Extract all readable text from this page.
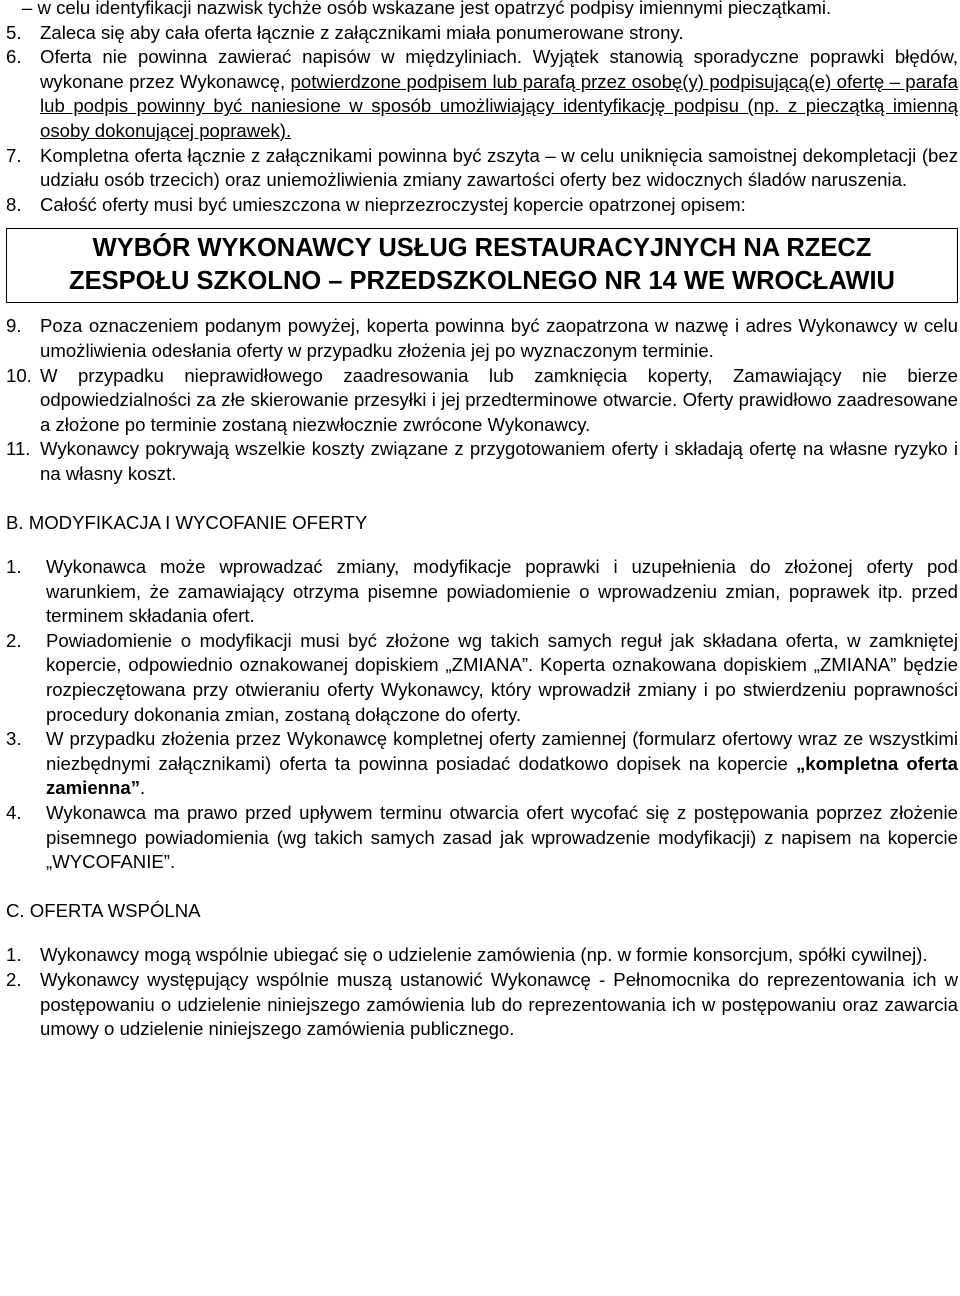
– w celu identyfikacji nazwisk tychże osób wskazane jest opatrzyć podpisy imiennymi pieczątkami.
5. Zaleca się aby cała oferta łącznie z załącznikami miała ponumerowane strony.
6. Oferta nie powinna zawierać napisów w międzyliniach. Wyjątek stanowią sporadyczne poprawki błędów, wykonane przez Wykonawcę, potwierdzone podpisem lub parafą przez osobę(y) podpisującą(e) ofertę – parafa lub podpis powinny być naniesione w sposób umożliwiający identyfikację podpisu (np. z pieczątką imienną osoby dokonującej poprawek).
7. Kompletna oferta łącznie z załącznikami powinna być zszyta – w celu uniknięcia samoistnej dekompletacji (bez udziału osób trzecich) oraz uniemożliwienia zmiany zawartości oferty bez widocznych śladów naruszenia.
8. Całość oferty musi być umieszczona w nieprzezroczystej kopercie opatrzonej opisem:
WYBÓR WYKONAWCY USŁUG RESTAURACYJNYCH NA RZECZ
ZESPOŁU SZKOLNO – PRZEDSZKOLNEGO NR 14 WE WROCŁAWIU
9. Poza oznaczeniem podanym powyżej, koperta powinna być zaopatrzona w nazwę i adres Wykonawcy w celu umożliwienia odesłania oferty w przypadku złożenia jej po wyznaczonym terminie.
10. W przypadku nieprawidłowego zaadresowania lub zamknięcia koperty, Zamawiający nie bierze odpowiedzialności za złe skierowanie przesyłki i jej przedterminowe otwarcie. Oferty prawidłowo zaadresowane a złożone po terminie zostaną niezwłocznie zwrócone Wykonawcy.
11. Wykonawcy pokrywają wszelkie koszty związane z przygotowaniem oferty i składają ofertę na własne ryzyko i na własny koszt.
B. MODYFIKACJA I WYCOFANIE OFERTY
1.	Wykonawca może wprowadzać zmiany, modyfikacje poprawki i uzupełnienia do złożonej oferty pod warunkiem, że zamawiający otrzyma pisemne powiadomienie o wprowadzeniu zmian, poprawek itp. przed terminem składania ofert.
2.	Powiadomienie o modyfikacji musi być złożone wg takich samych reguł jak składana oferta, w zamkniętej kopercie, odpowiednio oznakowanej dopiskiem „ZMIANA”. Koperta oznakowana dopiskiem „ZMIANA” będzie rozpieczętowana przy otwieraniu oferty Wykonawcy, który wprowadził zmiany i po stwierdzeniu poprawności procedury dokonania zmian, zostaną dołączone do oferty.
3.	W przypadku złożenia przez Wykonawcę kompletnej oferty zamiennej (formularz ofertowy wraz ze wszystkimi niezbędnymi załącznikami) oferta ta powinna posiadać dodatkowo dopisek na kopercie „kompletna oferta zamienna”.
4.	Wykonawca ma prawo przed upływem terminu otwarcia ofert wycofać się z postępowania poprzez złożenie pisemnego powiadomienia (wg takich samych zasad jak wprowadzenie modyfikacji) z napisem na kopercie „WYCOFANIE”.
C. OFERTA WSPÓLNA
1. Wykonawcy mogą wspólnie ubiegać się o udzielenie zamówienia (np. w formie konsorcjum, spółki cywilnej).
2. Wykonawcy występujący wspólnie muszą ustanowić Wykonawcę - Pełnomocnika do reprezentowania ich w postępowaniu o udzielenie niniejszego zamówienia lub do reprezentowania ich w postępowaniu oraz zawarcia umowy o udzielenie niniejszego zamówienia publicznego.
